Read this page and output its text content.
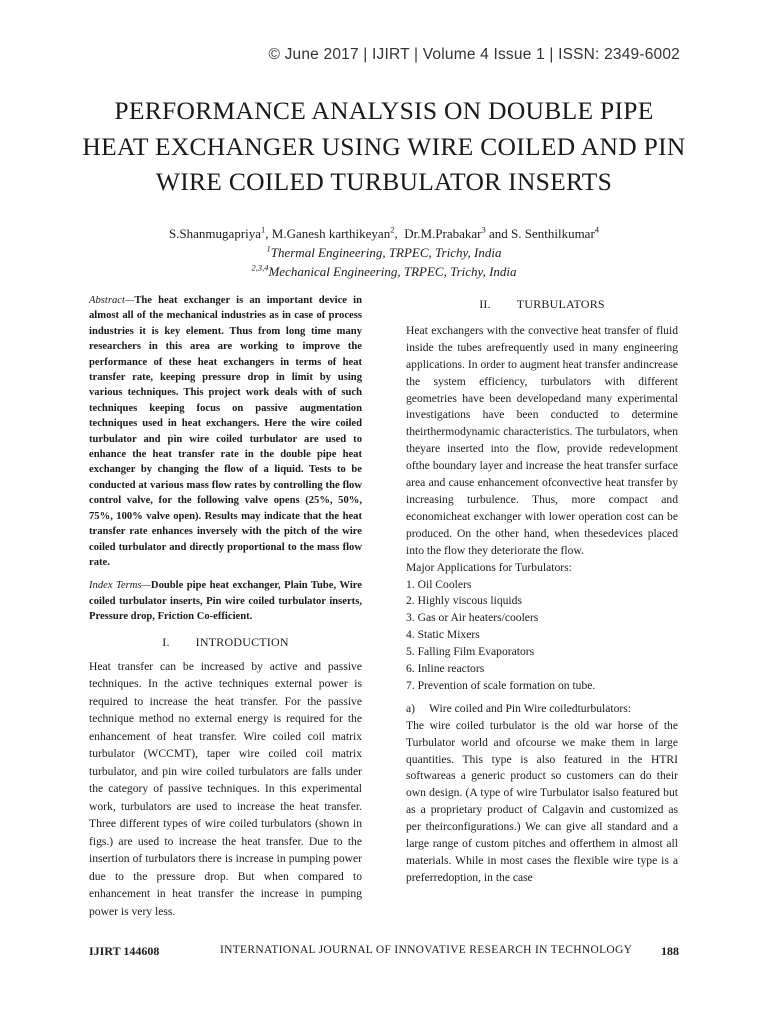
© June 2017 | IJIRT | Volume 4 Issue 1 | ISSN: 2349-6002
PERFORMANCE ANALYSIS ON DOUBLE PIPE
HEAT EXCHANGER USING WIRE COILED AND PIN
WIRE COILED TURBULATOR INSERTS
S.Shanmugapriya$^1$, M.Ganesh karthikeyan$^2$,  Dr.M.Prabakar$^3$ and S. Senthilkumar$^4$
$^1$Thermal Engineering, TRPEC, Trichy, India
$^{2,3,4}$Mechanical Engineering, TRPEC, Trichy, India
Abstract—The heat exchanger is an important device in almost all of the mechanical industries as in case of process industries it is key element. Thus from long time many researchers in this area are working to improve the performance of these heat exchangers in terms of heat transfer rate, keeping pressure drop in limit by using various techniques. This project work deals with of such techniques keeping focus on passive augmentation techniques used in heat exchangers. Here the wire coiled turbulator and pin wire coiled turbulator are used to enhance the heat transfer rate in the double pipe heat exchanger by changing the flow of a liquid. Tests to be conducted at various mass flow rates by controlling the flow control valve, for the following valve opens (25%, 50%, 75%, 100% valve open). Results may indicate that the heat transfer rate enhances inversely with the pitch of the wire coiled turbulator and directly proportional to the mass flow rate.
Index Terms—Double pipe heat exchanger, Plain Tube, Wire coiled turbulator inserts, Pin wire coiled turbulator inserts, Pressure drop, Friction Co-efficient.
I. INTRODUCTION
Heat transfer can be increased by active and passive techniques. In the active techniques external power is required to increase the heat transfer. For the passive technique method no external energy is required for the enhancement of heat transfer. Wire coiled coil matrix turbulator (WCCMT), taper wire coiled coil matrix turbulator, and pin wire coiled turbulators are falls under the category of passive techniques. In this experimental work, turbulators are used to increase the heat transfer. Three different types of wire coiled turbulators (shown in figs.) are used to increase the heat transfer. Due to the insertion of turbulators there is increase in pumping power due to the pressure drop. But when compared to enhancement in heat transfer the increase in pumping power is very less.
II. TURBULATORS
Heat exchangers with the convective heat transfer of fluid inside the tubes arefrequently used in many engineering applications. In order to augment heat transfer andincrease the system efficiency, turbulators with different geometries have been developedand many experimental investigations have been conducted to determine theirthermodynamic characteristics. The turbulators, when theyare inserted into the flow, provide redevelopment ofthe boundary layer and increase the heat transfer surface area and cause enhancement ofconvective heat transfer by increasing turbulence. Thus, more compact and economicheat exchanger with lower operation cost can be produced. On the other hand, when thesedevices placed into the flow they deteriorate the flow.
Major Applications for Turbulators:
1. Oil Coolers
2. Highly viscous liquids
3. Gas or Air heaters/coolers
4. Static Mixers
5. Falling Film Evaporators
6. Inline reactors
7. Prevention of scale formation on tube.
a) Wire coiled and Pin Wire coiledturbulators:
The wire coiled turbulator is the old war horse of the Turbulator world and ofcourse we make them in large quantities. This type is also featured in the HTRI softwareas a generic product so customers can do their own design. (A type of wire Turbulator isalso featured but as a proprietary product of Calgavin and customized as per theirconfigurations.) We can give all standard and a large range of custom pitches and offerthem in almost all materials. While in most cases the flexible wire type is a preferredoption, in the case
IJIRT 144608	INTERNATIONAL JOURNAL OF INNOVATIVE RESEARCH IN TECHNOLOGY 188
